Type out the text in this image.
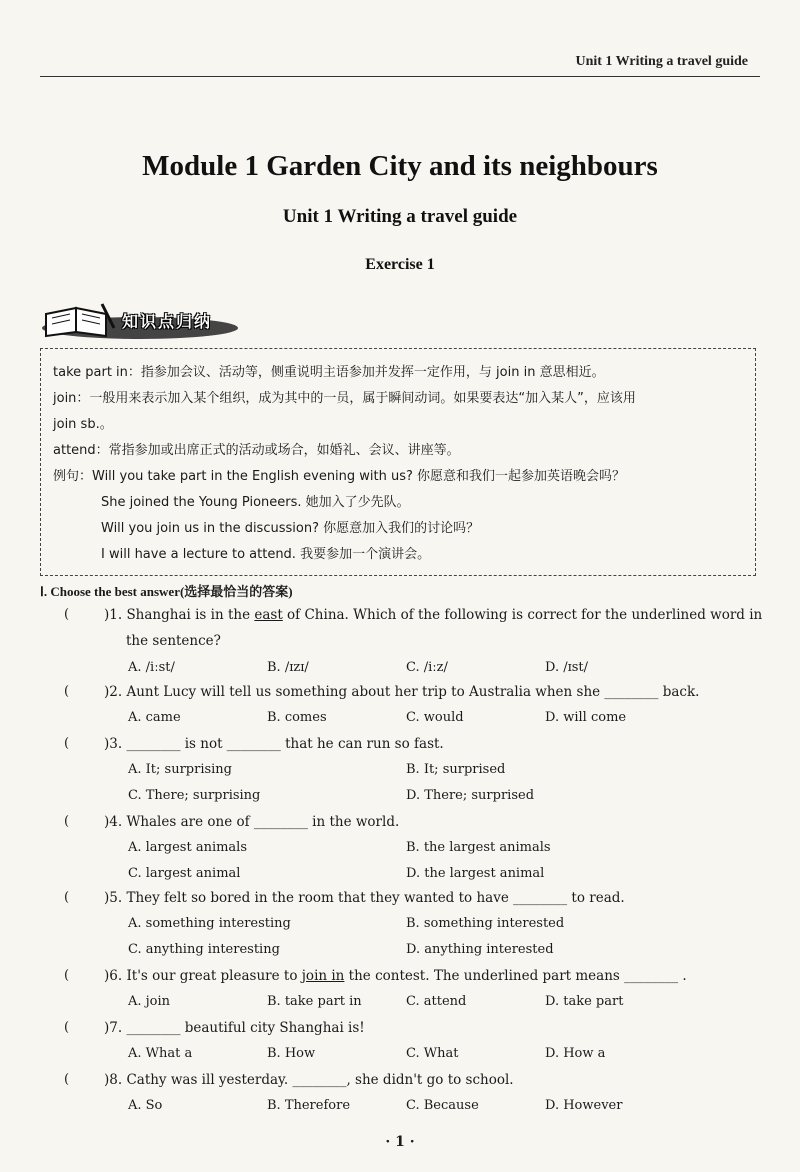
Unit 1 Writing a travel guide
Module 1 Garden City and its neighbours
Unit 1 Writing a travel guide
Exercise 1
知识点归纳
take part in：指参加会议、活动等，侧重说明主语参加并发挥一定作用，与 join in 意思相近。
join：一般用来表示加入某个组织，成为其中的一员，属于瞬间动词。如果要表达“加入某人”，应该用
join sb.。
attend：常指参加或出席正式的活动或场合，如婚礼、会议、讲座等。
例句：Will you take part in the English evening with us? 你愿意和我们一起参加英语晚会吗？
She joined the Young Pioneers. 她加入了少先队。
Will you join us in the discussion? 你愿意加入我们的讨论吗？
I will have a lecture to attend. 我要参加一个演讲会。
Ⅰ. Choose the best answer(选择最恰当的答案)
(	)1. Shanghai is in the east of China. Which of the following is correct for the underlined word in
the sentence?
A. /iːst/	B. /ɪzɪ/	C. /iːz/	D. /ɪst/
(	)2. Aunt Lucy will tell us something about her trip to Australia when she ________ back.
A. came	B. comes	C. would	D. will come
(	)3. ________ is not ________ that he can run so fast.
A. It; surprising	B. It; surprised
C. There; surprising	D. There; surprised
(	)4. Whales are one of ________ in the world.
A. largest animals	B. the largest animals
C. largest animal	D. the largest animal
(	)5. They felt so bored in the room that they wanted to have ________ to read.
A. something interesting	B. something interested
C. anything interesting	D. anything interested
(	)6. It's our great pleasure to join in the contest. The underlined part means ________ .
A. join	B. take part in	C. attend	D. take part
(	)7. ________ beautiful city Shanghai is!
A. What a	B. How	C. What	D. How a
(	)8. Cathy was ill yesterday. ________, she didn't go to school.
A. So	B. Therefore	C. Because	D. However
· 1 ·
